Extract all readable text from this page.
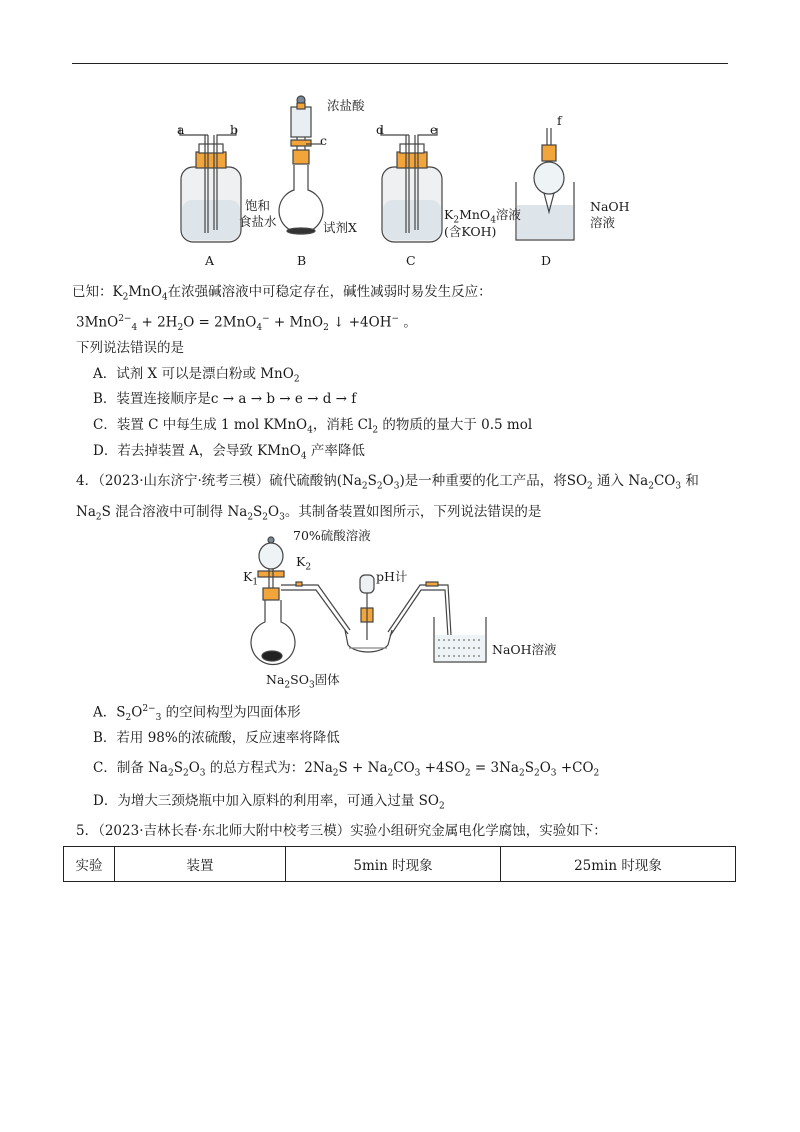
a	b
浓盐酸
c
d	e
f
饱和
食盐水	试剂X
$K_2MnO_4$溶液
(含KOH)
NaOH
溶液
A	B	C	D
已知：$K_2MnO_4$在浓强碱溶液中可稳定存在，碱性减弱时易发生反应：
$3MnO^{2-}_4 + 2H_2O = 2MnO_4^- + MnO_2$ ↓ +4OH− 。
下列说法错误的是
A．试剂 X 可以是漂白粉或 MnO$_2$
B．装置连接顺序是c → a → b → e → d → f
C．装置 C 中每生成 1 mol KMnO$_4$，消耗 $Cl_2$ 的物质的量大于 0.5 mol
D．若去掉装置 A，会导致 KMnO$_4$ 产率降低
4．（2023·山东济宁·统考三模）硫代硫酸钠$(Na_2S_2O_3)$是一种重要的化工产品，将$SO_2$ 通入 $Na_2CO_3$ 和
$Na_2S$ 混合溶液中可制得 $Na_2S_2O_3$。其制备装置如图所示，下列说法错误的是
70%硫酸溶液
$K_1$
$K_2$
pH计
NaOH溶液
$Na_2SO_3$固体
A．$S_2O^{2-}_3$ 的空间构型为四面体形
B．若用 98%的浓硫酸，反应速率将降低
C．制备 $Na_2S_2O_3$ 的总方程式为：$2Na_2S + Na_2CO_3 +4SO_2 = 3Na_2S_2O_3 +CO_2$
D．为增大三颈烧瓶中加入原料的利用率，可通入过量 $SO_2$
5．（2023·吉林长春·东北师大附中校考三模）实验小组研究金属电化学腐蚀，实验如下：
实验	装置	5min 时现象	25min 时现象
